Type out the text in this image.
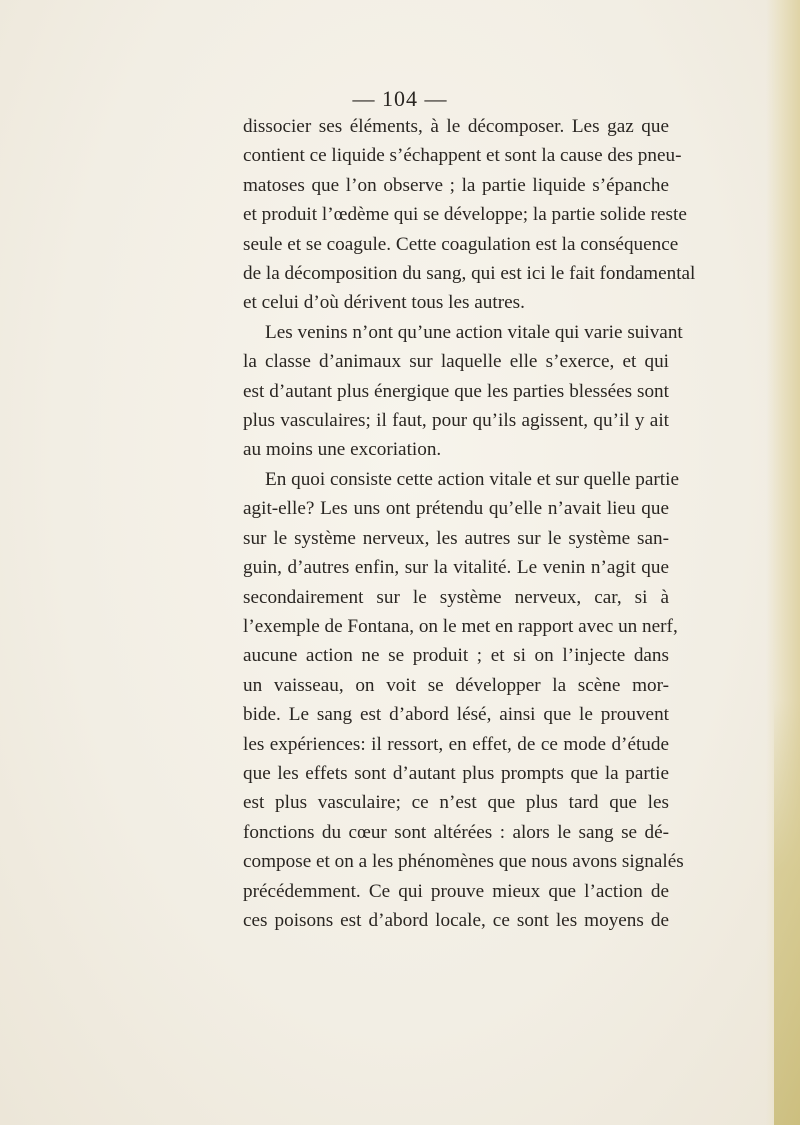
— 104 —
dissocier ses éléments, à le décomposer. Les gaz que
contient ce liquide s’échappent et sont la cause des pneu-
matoses que l’on observe ; la partie liquide s’épanche
et produit l’œdème qui se développe; la partie solide reste
seule et se coagule. Cette coagulation est la conséquence
de la décomposition du sang, qui est ici le fait fondamental
et celui d’où dérivent tous les autres.
Les venins n’ont qu’une action vitale qui varie suivant
la classe d’animaux sur laquelle elle s’exerce, et qui
est d’autant plus énergique que les parties blessées sont
plus vasculaires; il faut, pour qu’ils agissent, qu’il y ait
au moins une excoriation.
En quoi consiste cette action vitale et sur quelle partie
agit-elle? Les uns ont prétendu qu’elle n’avait lieu que
sur le système nerveux, les autres sur le système san-
guin, d’autres enfin, sur la vitalité. Le venin n’agit que
secondairement sur le système nerveux, car, si à
l’exemple de Fontana, on le met en rapport avec un nerf,
aucune action ne se produit ; et si on l’injecte dans
un vaisseau, on voit se développer la scène mor-
bide. Le sang est d’abord lésé, ainsi que le prouvent
les expériences: il ressort, en effet, de ce mode d’étude
que les effets sont d’autant plus prompts que la partie
est plus vasculaire; ce n’est que plus tard que les
fonctions du cœur sont altérées : alors le sang se dé-
compose et on a les phénomènes que nous avons signalés
précédemment. Ce qui prouve mieux que l’action de
ces poisons est d’abord locale, ce sont les moyens de
